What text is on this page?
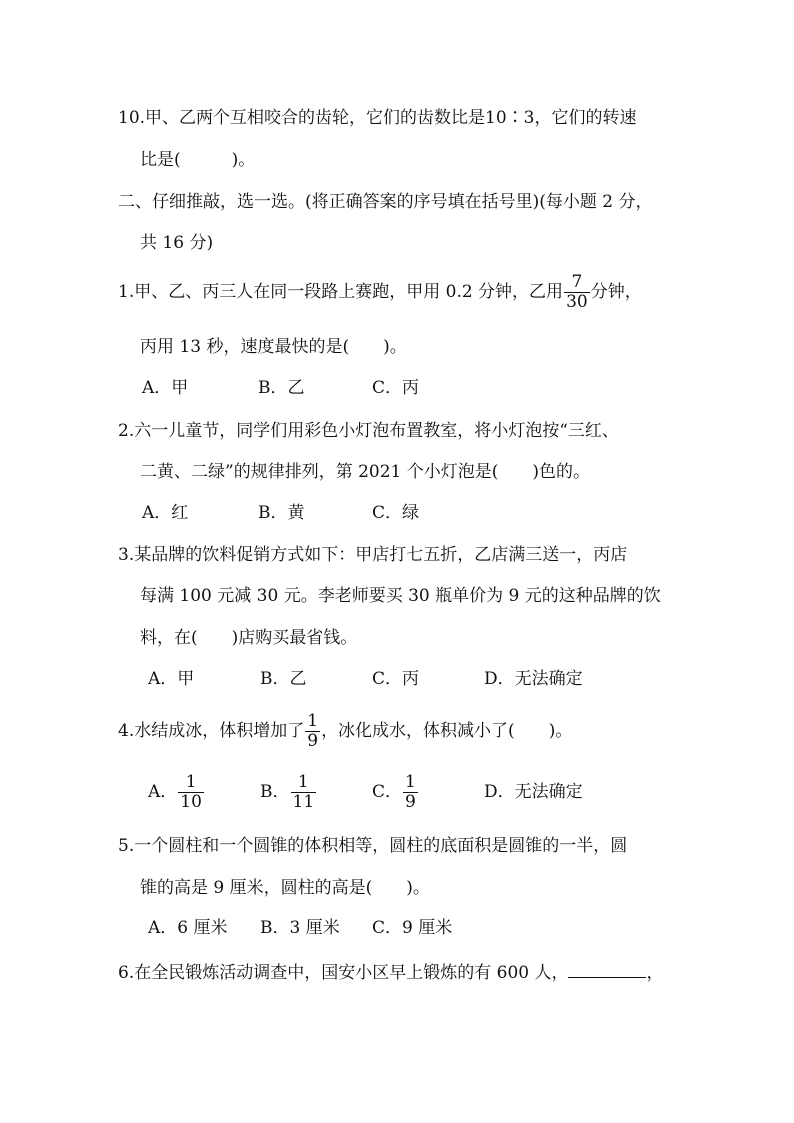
10.甲、乙两个互相咬合的齿轮，它们的齿数比是10∶3，它们的转速
比是(　　　)。
二、仔细推敲，选一选。(将正确答案的序号填在括号里)(每小题 2 分，
共 16 分)
1.甲、乙、丙三人在同一段路上赛跑，甲用 0.2 分钟，乙用 $\frac{7}{30}$ 分钟，
丙用 13 秒，速度最快的是(　　)。
A．甲	B．乙	C．丙
2.六一儿童节，同学们用彩色小灯泡布置教室，将小灯泡按“三红、
二黄、二绿”的规律排列，第 2021 个小灯泡是(　　)色的。
A．红	B．黄	C．绿
3.某品牌的饮料促销方式如下：甲店打七五折，乙店满三送一，丙店
每满 100 元减 30 元。李老师要买 30 瓶单价为 9 元的这种品牌的饮
料，在(　　)店购买最省钱。
A．甲	B．乙	C．丙	D．无法确定
4.水结成冰，体积增加了 $\frac{1}{9}$ ，冰化成水，体积减小了(　　)。
A． $\frac{1}{10}$	B． $\frac{1}{11}$	C． $\frac{1}{9}$	D．无法确定
5.一个圆柱和一个圆锥的体积相等，圆柱的底面积是圆锥的一半，圆
锥的高是 9 厘米，圆柱的高是(　　)。
A．6 厘米 B．3 厘米 C．9 厘米
6.在全民锻炼活动调查中，国安小区早上锻炼的有 600 人，	，
